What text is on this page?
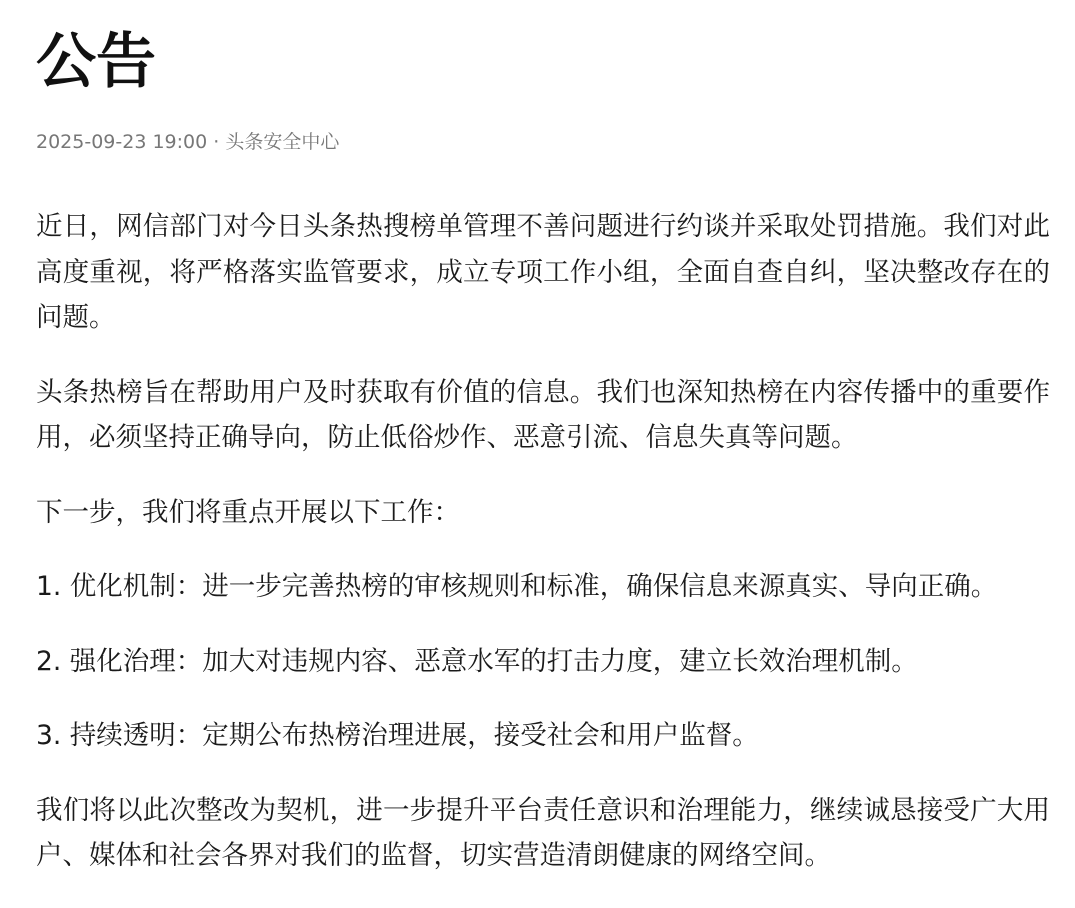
公告
2025-09-23 19:00 · 头条安全中心

近日，网信部门对今日头条热搜榜单管理不善问题进行约谈并采取处罚措施。我们对此高度重视，将严格落实监管要求，成立专项工作小组，全面自查自纠，坚决整改存在的问题。

头条热榜旨在帮助用户及时获取有价值的信息。我们也深知热榜在内容传播中的重要作用，必须坚持正确导向，防止低俗炒作、恶意引流、信息失真等问题。

下一步，我们将重点开展以下工作：

1. 优化机制：进一步完善热榜的审核规则和标准，确保信息来源真实、导向正确。

2. 强化治理：加大对违规内容、恶意水军的打击力度，建立长效治理机制。

3. 持续透明：定期公布热榜治理进展，接受社会和用户监督。

我们将以此次整改为契机，进一步提升平台责任意识和治理能力，继续诚恳接受广大用户、媒体和社会各界对我们的监督，切实营造清朗健康的网络空间。
